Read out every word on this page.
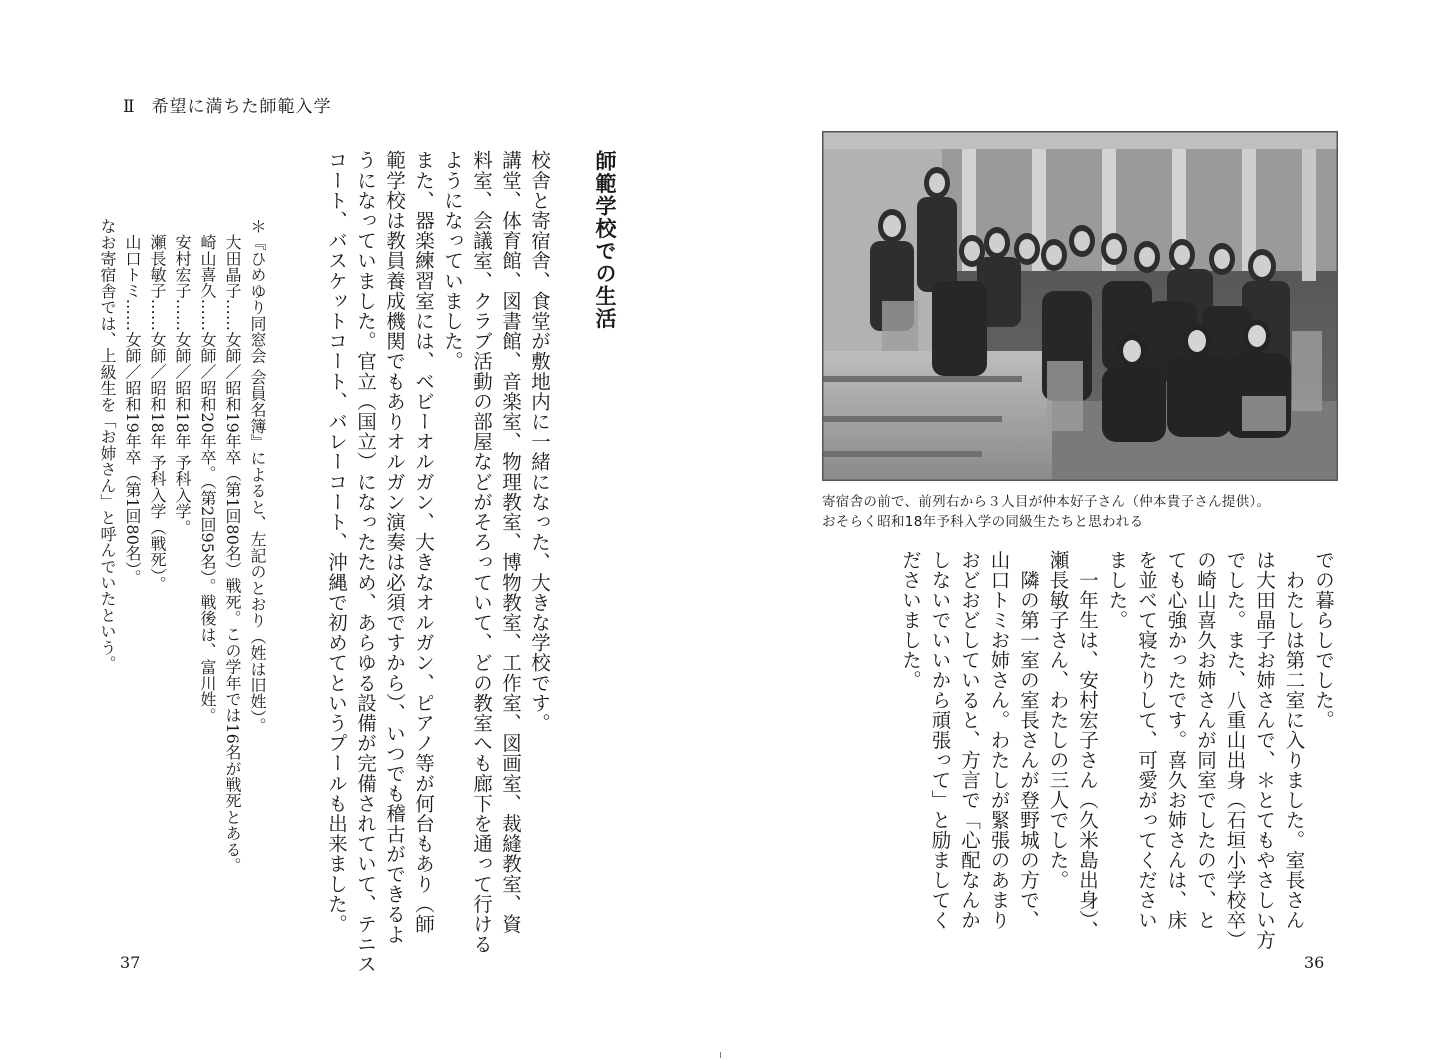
Ⅱ 希望に満ちた師範入学
師範学校での生活
校舎と寄宿舎、食堂が敷地内に一緒になった、大きな学校です。
講堂、体育館、図書館、音楽室、物理教室、博物教室、工作室、図画室、裁縫教室、資
料室、会議室、クラブ活動の部屋などがそろっていて、どの教室へも廊下を通って行ける
ようになっていました。
また、器楽練習室には、ベビーオルガン、大きなオルガン、ピアノ等が何台もあり（師
範学校は教員養成機関でもありオルガン演奏は必須ですから）、いつでも稽古ができるよ
うになっていました。官立（国立）になったため、あらゆる設備が完備されていて、テニス
コート、バスケットコート、バレーコート、沖縄で初めてというプールも出来ました。
＊『ひめゆり同窓会 会員名簿』によると、左記のとおり（姓は旧姓）。
大田晶子……女師／昭和19年卒（第1回80名）戦死。この学年では16名が戦死とある。
崎山喜久……女師／昭和20年卒。（第2回95名）。戦後は、富川姓。
安村宏子……女師／昭和18年 予科入学。
瀬長敏子……女師／昭和18年 予科入学（戦死）。
山口トミ……女師／昭和19年卒（第1回80名）。
なお寄宿舎では、上級生を「お姉さん」と呼んでいたという。
37
寄宿舎の前で、前列右から３人目が仲本好子さん（仲本貴子さん提供）。
おそらく昭和18年予科入学の同級生たちと思われる
での暮らしでした。
わたしは第二室に入りました。室長さん
は大田晶子お姉さんで、＊とてもやさしい方
でした。また、八重山出身（石垣小学校卒）
の崎山喜久お姉さんが同室でしたので、と
ても心強かったです。喜久お姉さんは、床
を並べて寝たりして、可愛がってください
ました。
一年生は、安村宏子さん（久米島出身）、
瀬長敏子さん、わたしの三人でした。
隣の第一室の室長さんが登野城の方で、
山口トミお姉さん。わたしが緊張のあまり
おどおどしていると、方言で「心配なんか
しないでいいから頑張って」と励ましてく
ださいました。
36
